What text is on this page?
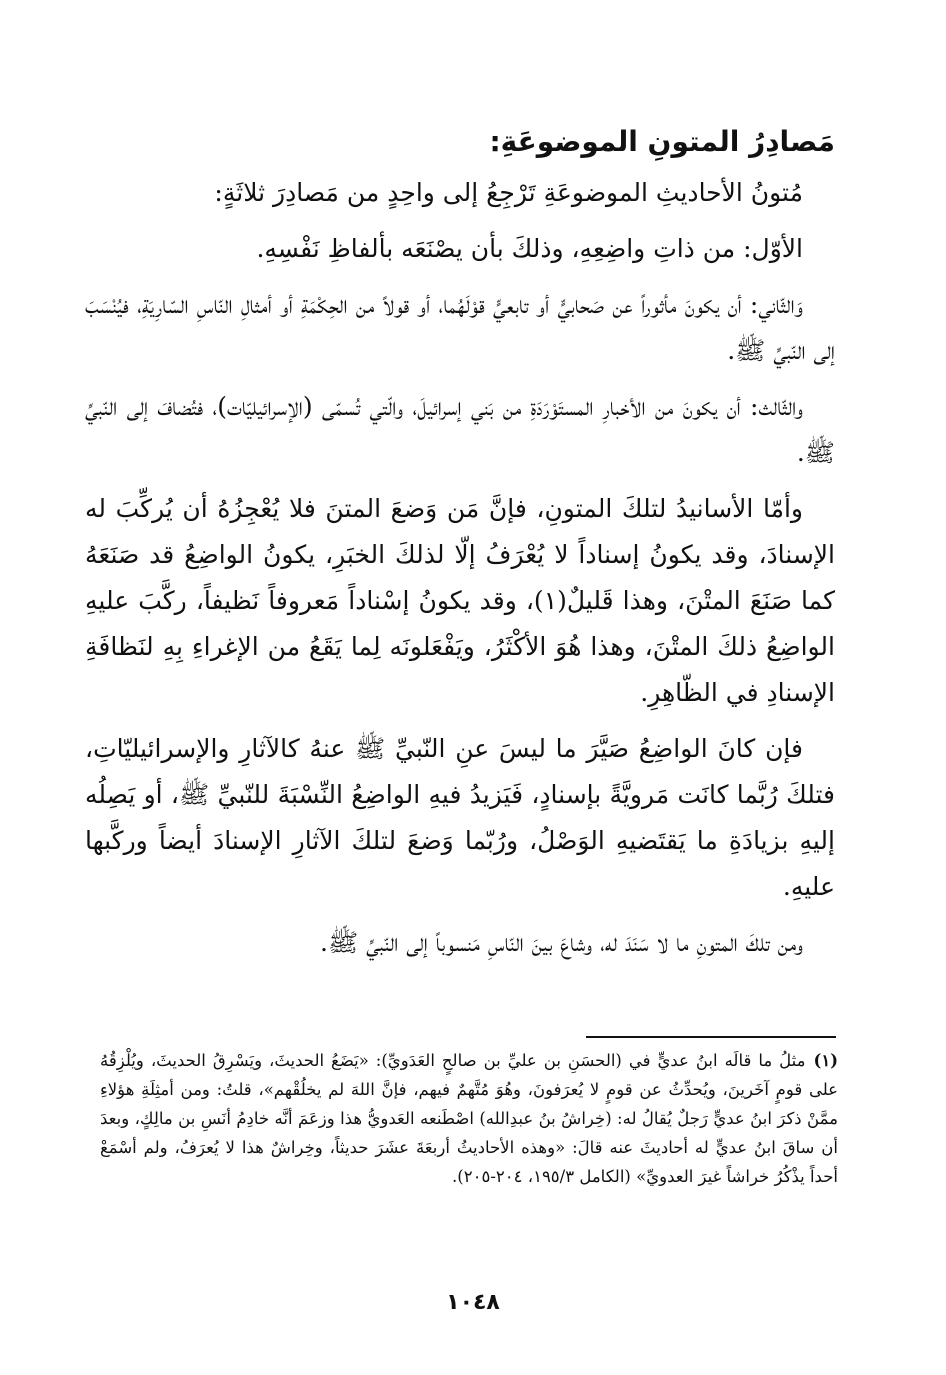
مَصادِرُ المتونِ الموضوعَةِ:

مُتونُ الأحاديثِ الموضوعَةِ تَرْجِعُ إلى واحِدٍ من مَصادِرَ ثلاثَةٍ:

الأوّل: من ذاتِ واضِعِهِ، وذلكَ بأن يصْنَعَه بألفاظِ نَفْسِهِ.

وَالثّاني: أن يكونَ مأثوراً عن صَحابيٍّ أو تابعيٍّ قوْلَهُما، أو قولاً من الحِكْمَةِ أو أمثالِ النّاسِ السّارِيَةِ، فيُنْسَبَ إلى النّبيِّ ﷺ.

والثّالث: أن يكونَ من الأخبارِ المستَوْرَدَةِ من بَني إسرائيلَ، والّتي تُسمّى (الإسرائيليّات)، فتُضافَ إلى النّبيِّ ﷺ.

وأمّا الأسانيدُ لتلكَ المتونِ، فإنَّ مَن وَضعَ المتنَ فلا يُعْجِزُهُ أن يُركِّبَ له الإسنادَ، وقد يكونُ إسناداً لا يُعْرَفُ إلّا لذلكَ الخبَرِ، يكونُ الواضِعُ قد صَنَعَهُ كما صَنَعَ المتْنَ، وهذا قَليلٌ(١)، وقد يكونُ إسْناداً مَعروفاً نَظيفاً، ركَّبَ عليهِ الواضِعُ ذلكَ المتْنَ، وهذا هُوَ الأكْثَرُ، ويَفْعَلونَه لِما يَقَعُ من الإغراءِ بِهِ لنَظافَةِ الإسنادِ في الظّاهِرِ.

فإن كانَ الواضِعُ صَيَّرَ ما ليسَ عنِ النّبيِّ ﷺ عنهُ كالآثارِ والإسرائيليّاتِ، فتلكَ رُبَّما كانَت مَرويَّةً بإسنادٍ، فَيَزيدُ فيهِ الواضِعُ النِّسْبَةَ للنّبيِّ ﷺ، أو يَصِلُه إليهِ بزيادَةِ ما يَقتَضيهِ الوَصْلُ، ورُبّما وَضعَ لتلكَ الآثارِ الإسنادَ أيضاً وركَّبها عليهِ.

ومن تلكَ المتونِ ما لا سَنَدَ له، وشاعَ بينَ النّاسِ مَنسوباً إلى النّبيِّ ﷺ.

(١)مثلُ ما قالَه ابنُ عديٍّ في (الحسَنِ بن عليِّ بن صالحٍ العَدَويِّ): «يَضَعُ الحديثَ، ويَسْرِقُ الحديثَ، ويُلْزِقُهُ على قومٍ آخَرينَ، ويُحدِّثُ عن قومٍ لا يُعرَفونَ، وهُوَ مُتَّهمٌ فيهم، فإنَّ اللهَ لم يخلُقْهم»، قلتُ: ومن أمثِلَةِ هؤلاءِ ممَّنْ ذكرَ ابنُ عديٍّ رَجلٌ يُقالُ له: (خِراشُ بنُ عبدِالله) اصْطَنعه العَدويُّ هذا وزعَمَ أنَّه خادِمُ أنَسِ بن مالِكٍ، وبعدَ أن ساقَ ابنُ عديٍّ له أحاديثَ عنه قالَ: «وهذه الأحاديثُ أربعَةَ عشَرَ حديثاً، وخِراشٌ هذا لا يُعرَفُ، ولم أسْمَعْ أحداً يذْكُرُ خراشاً غيرَ العدويِّ» (الكامل ١٩٥/٣، ٢٠٤-٢٠٥).
١٠٤٨
